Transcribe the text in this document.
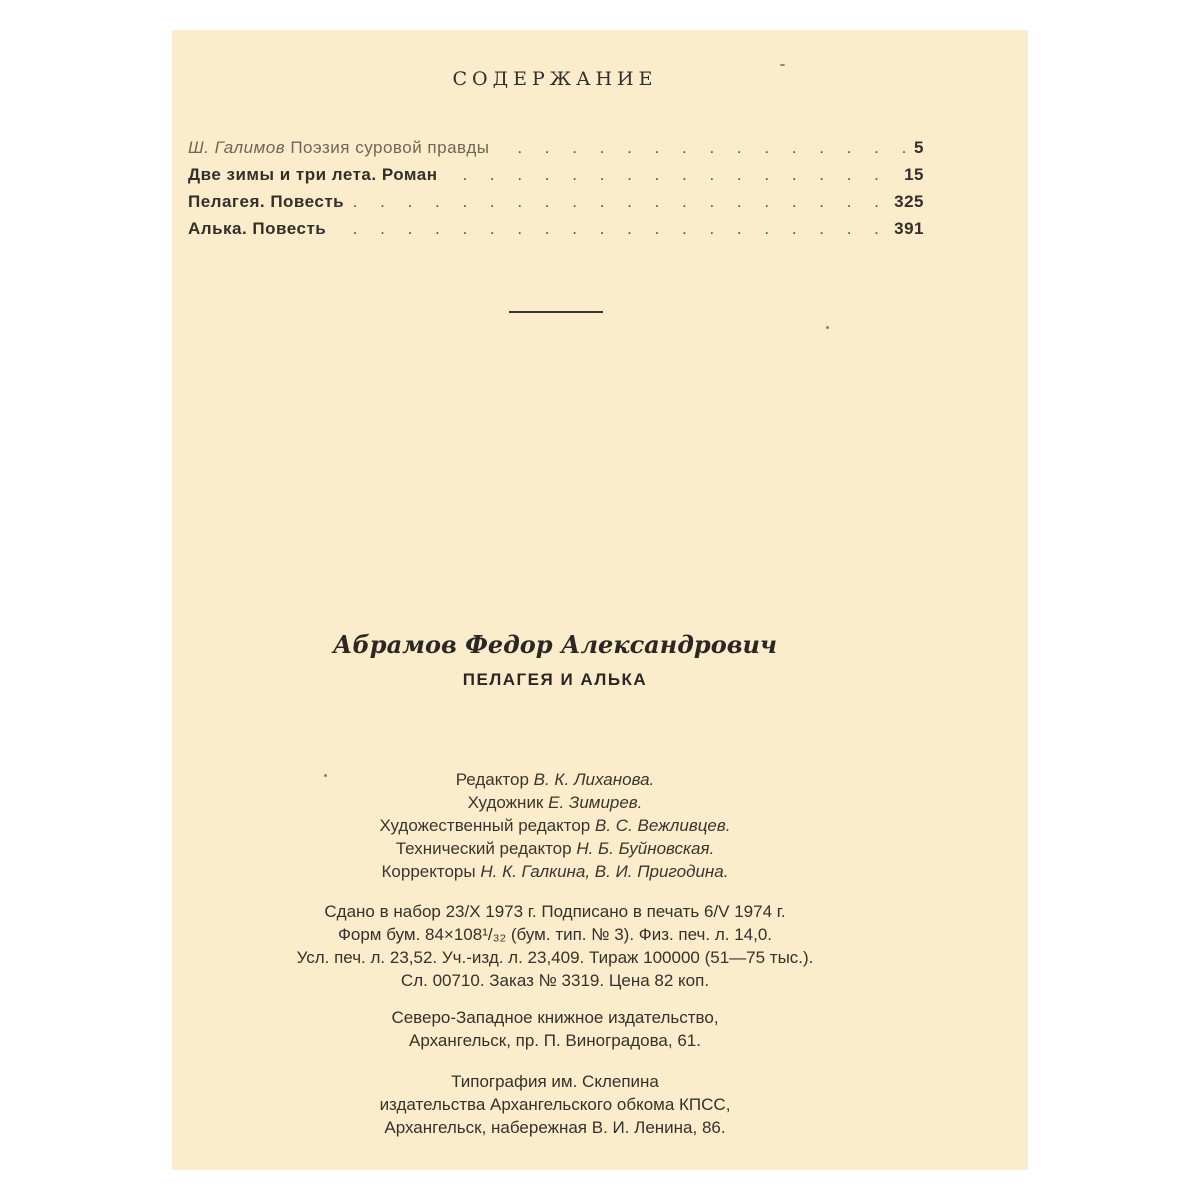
СОДЕРЖАНИЕ
. . .
Ш. Галимов Поэзия суровой правды	5
. . .
Две зимы и три лета. Роман	15
. . .
Пелагея. Повесть	325
. . .
Алька. Повесть	391
Абрамов Федор Александрович
ПЕЛАГЕЯ И АЛЬКА
Редактор В. К. Лиханова.
Художник Е. Зимирев.
Художественный редактор В. С. Вежливцев.
Технический редактор Н. Б. Буйновская.
Корректоры Н. К. Галкина, В. И. Пригодина.
Сдано в набор 23/X 1973 г. Подписано в печать 6/V 1974 г.
Форм бум. 84×108¹/₃₂ (бум. тип. № 3). Физ. печ. л. 14,0.
Усл. печ. л. 23,52. Уч.-изд. л. 23,409. Тираж 100000 (51—75 тыс.).
Сл. 00710. Заказ № 3319. Цена 82 коп.
Северо-Западное книжное издательство,
Архангельск, пр. П. Виноградова, 61.
Типография им. Склепина
издательства Архангельского обкома КПСС,
Архангельск, набережная В. И. Ленина, 86.
